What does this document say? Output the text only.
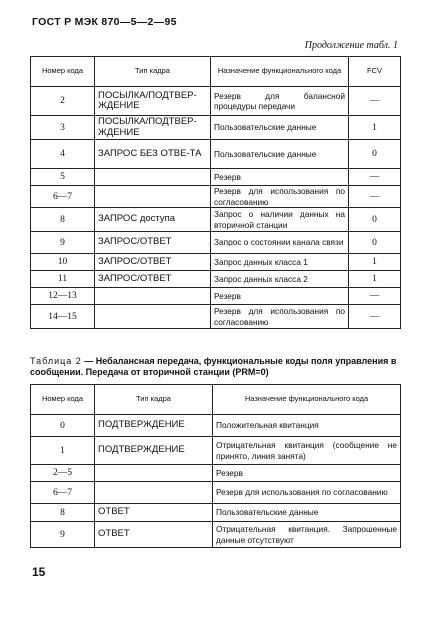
ГОСТ Р МЭК 870—5—2—95
Продолжение табл. 1
Номер кода	Тип кадра	Назначение функционального кода	FCV
2	ПОСЫЛКА/ПОДТВЕР-ЖДЕНИЕ	Резерв для балансной процедуры передачи	—
3	ПОСЫЛКА/ПОДТВЕР-ЖДЕНИЕ	Пользовательские данные	1
4	ЗАПРОС БЕЗ ОТВЕ-ТА	Пользовательские данные	0
5		Резерв	—
6—7		Резерв для использования по согласованию	—
8	ЗАПРОС доступа	Запрос о наличии данных на вторичной станции	0
9	ЗАПРОС/ОТВЕТ	Запрос о состоянии канала связи	0
10	ЗАПРОС/ОТВЕТ	Запрос данных класса 1	1
11	ЗАПРОС/ОТВЕТ	Запрос данных класса 2	1
12—13		Резерв	—
14—15		Резерв для использования по согласованию	—
Таблица 2 — Небалансная передача, функциональные коды поля управления в сообщении. Передача от вторичной станции (PRM=0)
Номер кода	Тип кадра	Назначение функционального кода
0	ПОДТВЕРЖДЕНИЕ	Положительная квитанция
1	ПОДТВЕРЖДЕНИЕ	Отрицательная квитанция (сообщение не принято, линия занята)
2—5		Резерв
6—7		Резерв для использования по согласованию
8	ОТВЕТ	Пользовательские данные
9	ОТВЕТ	Отрицательная квитанция. Запрошенные данные отсутствуют
15
